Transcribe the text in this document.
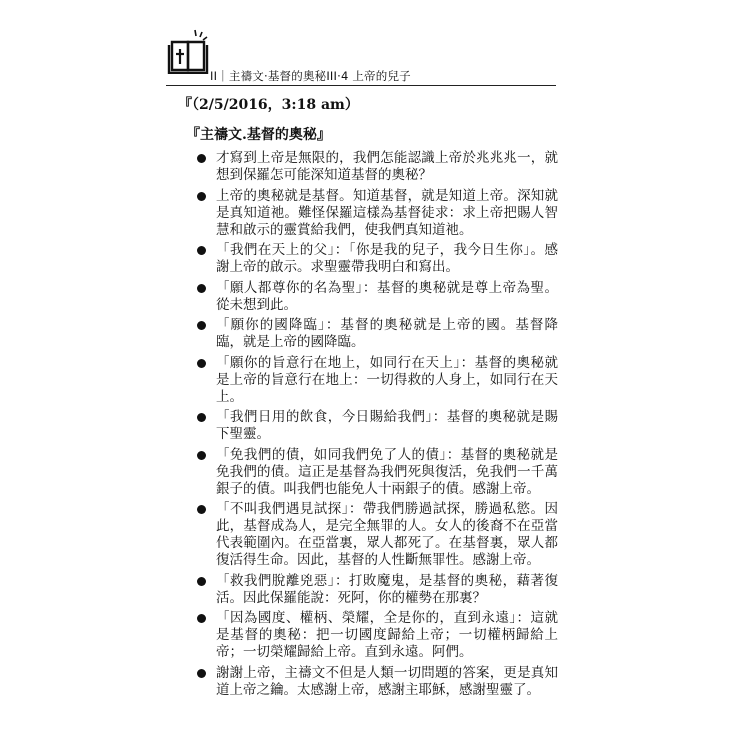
II｜主禱文‧基督的奧秘III‧4 上帝的兒子
『（2/5/2016，3:18 am）
『主禱文.基督的奧秘』
才寫到上帝是無限的，我們怎能認識上帝於兆兆兆一，就想到保羅怎可能深知道基督的奧秘？
上帝的奧秘就是基督。知道基督，就是知道上帝。深知就是真知道祂。難怪保羅這樣為基督徒求：求上帝把賜人智慧和啟示的靈賞給我們，使我們真知道祂。
「我們在天上的父」：「你是我的兒子，我今日生你」。感謝上帝的啟示。求聖靈帶我明白和寫出。
「願人都尊你的名為聖」：基督的奧秘就是尊上帝為聖。從未想到此。
「願你的國降臨」：基督的奧秘就是上帝的國。基督降臨，就是上帝的國降臨。
「願你的旨意行在地上，如同行在天上」：基督的奧秘就是上帝的旨意行在地上：一切得救的人身上，如同行在天上。
「我們日用的飲食，今日賜給我們」：基督的奧秘就是賜下聖靈。
「免我們的債，如同我們免了人的債」：基督的奧秘就是免我們的債。這正是基督為我們死與復活，免我們一千萬銀子的債。叫我們也能免人十兩銀子的債。感謝上帝。
「不叫我們遇見試探」：帶我們勝過試探，勝過私慾。因此，基督成為人，是完全無罪的人。女人的後裔不在亞當代表範圍內。在亞當裏，眾人都死了。在基督裏，眾人都復活得生命。因此，基督的人性斷無罪性。感謝上帝。
「救我們脫離兇惡」：打敗魔鬼，是基督的奧秘，藉著復活。因此保羅能說：死阿，你的權勢在那裏？
「因為國度、權柄、榮耀，全是你的，直到永遠」：這就是基督的奧秘：把一切國度歸給上帝；一切權柄歸給上帝；一切榮耀歸給上帝。直到永遠。阿們。
謝謝上帝，主禱文不但是人類一切問題的答案，更是真知道上帝之鑰。太感謝上帝，感謝主耶穌，感謝聖靈了。
